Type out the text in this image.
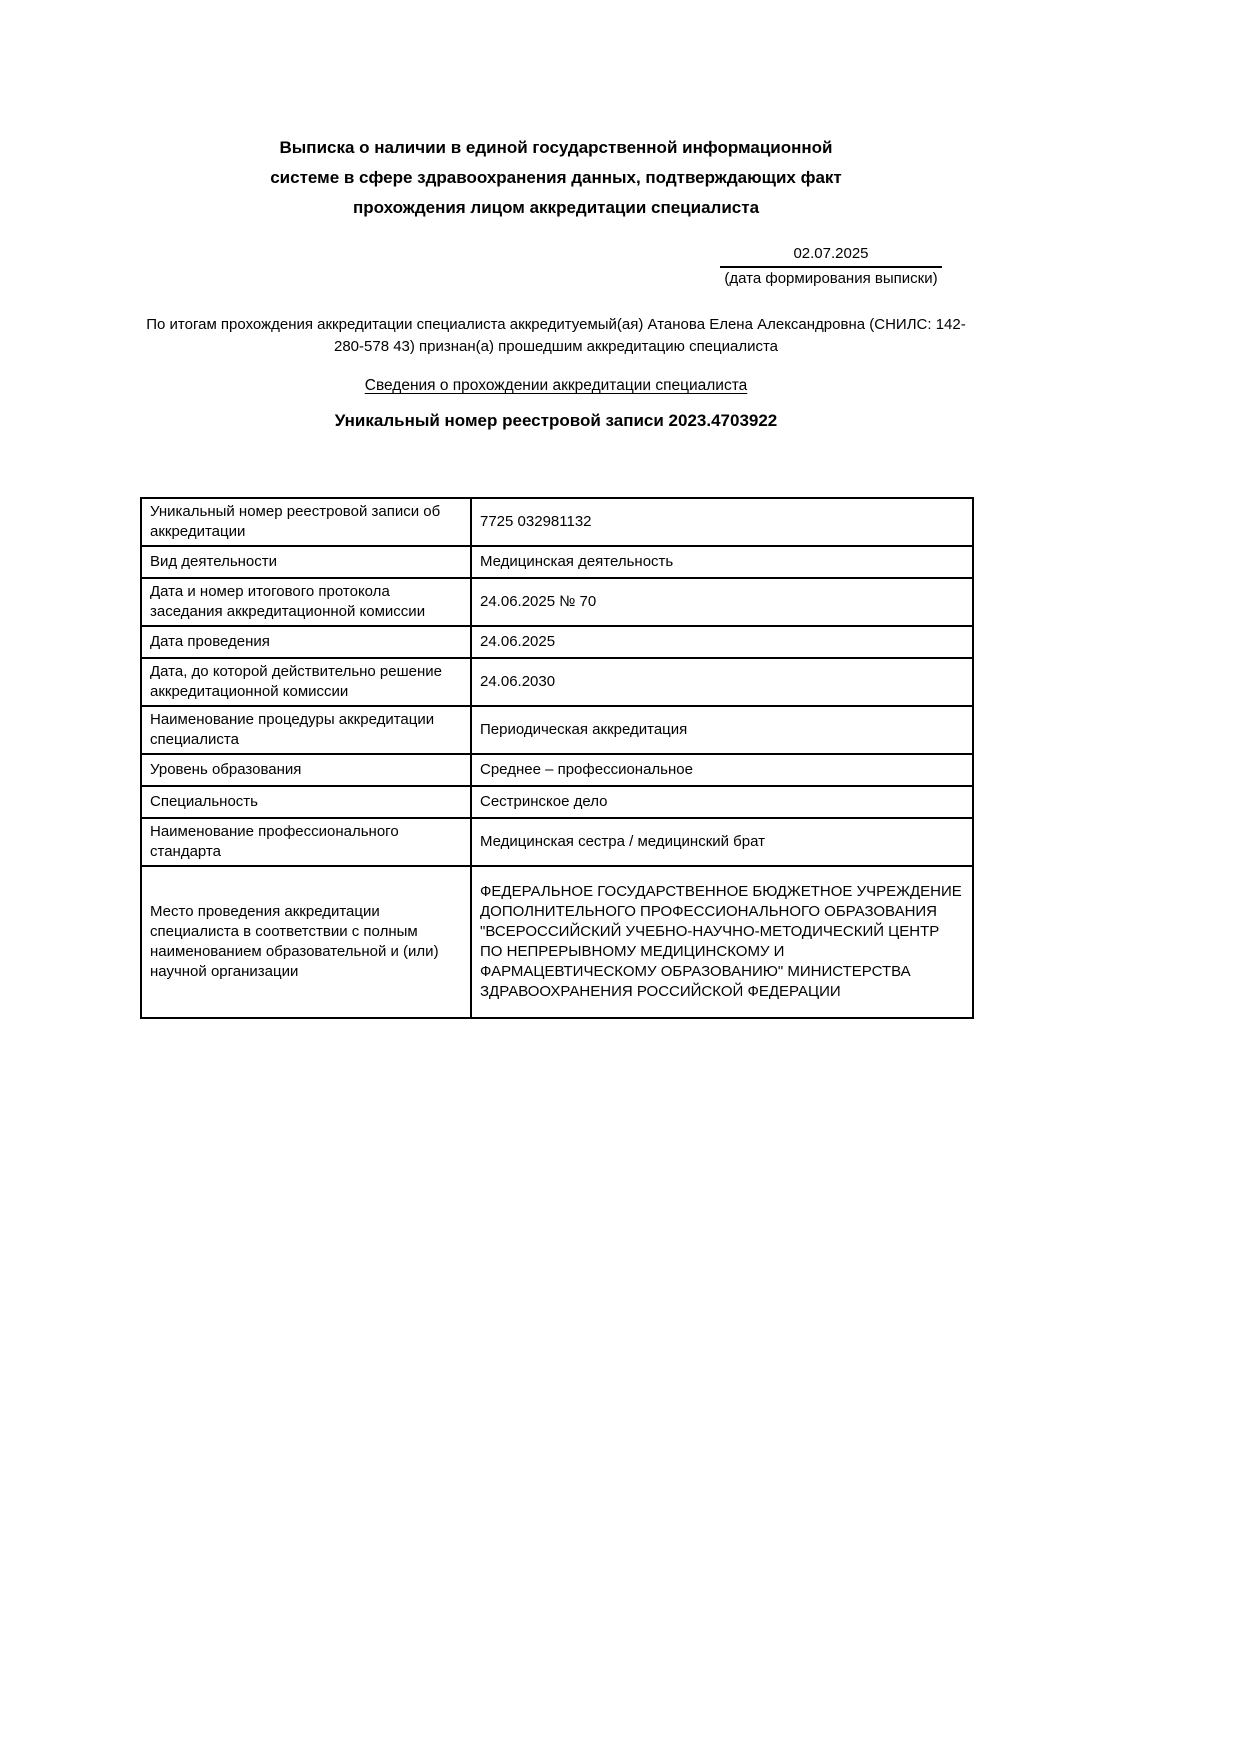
Выписка о наличии в единой государственной информационной
системе в сфере здравоохранения данных, подтверждающих факт
прохождения лицом аккредитации специалиста
02.07.2025
(дата формирования выписки)
По итогам прохождения аккредитации специалиста аккредитуемый(ая) Атанова Елена Александровна (СНИЛС: 142-280-578 43) признан(а) прошедшим аккредитацию специалиста
Сведения о прохождении аккредитации специалиста
Уникальный номер реестровой записи 2023.4703922
Уникальный номер реестровой записи об аккредитации	7725 032981132
Вид деятельности	Медицинская деятельность
Дата и номер итогового протокола заседания аккредитационной комиссии	24.06.2025 № 70
Дата проведения	24.06.2025
Дата, до которой действительно решение аккредитационной комиссии	24.06.2030
Наименование процедуры аккредитации специалиста	Периодическая аккредитация
Уровень образования	Среднее – профессиональное
Специальность	Сестринское дело
Наименование профессионального стандарта	Медицинская сестра / медицинский брат
Место проведения аккредитации специалиста в соответствии с полным наименованием образовательной и (или) научной организации	ФЕДЕРАЛЬНОЕ ГОСУДАРСТВЕННОЕ БЮДЖЕТНОЕ УЧРЕЖДЕНИЕ ДОПОЛНИТЕЛЬНОГО ПРОФЕССИОНАЛЬНОГО ОБРАЗОВАНИЯ "ВСЕРОССИЙСКИЙ УЧЕБНО-НАУЧНО-МЕТОДИЧЕСКИЙ ЦЕНТР ПО НЕПРЕРЫВНОМУ МЕДИЦИНСКОМУ И ФАРМАЦЕВТИЧЕСКОМУ ОБРАЗОВАНИЮ" МИНИСТЕРСТВА ЗДРАВООХРАНЕНИЯ РОССИЙСКОЙ ФЕДЕРАЦИИ
